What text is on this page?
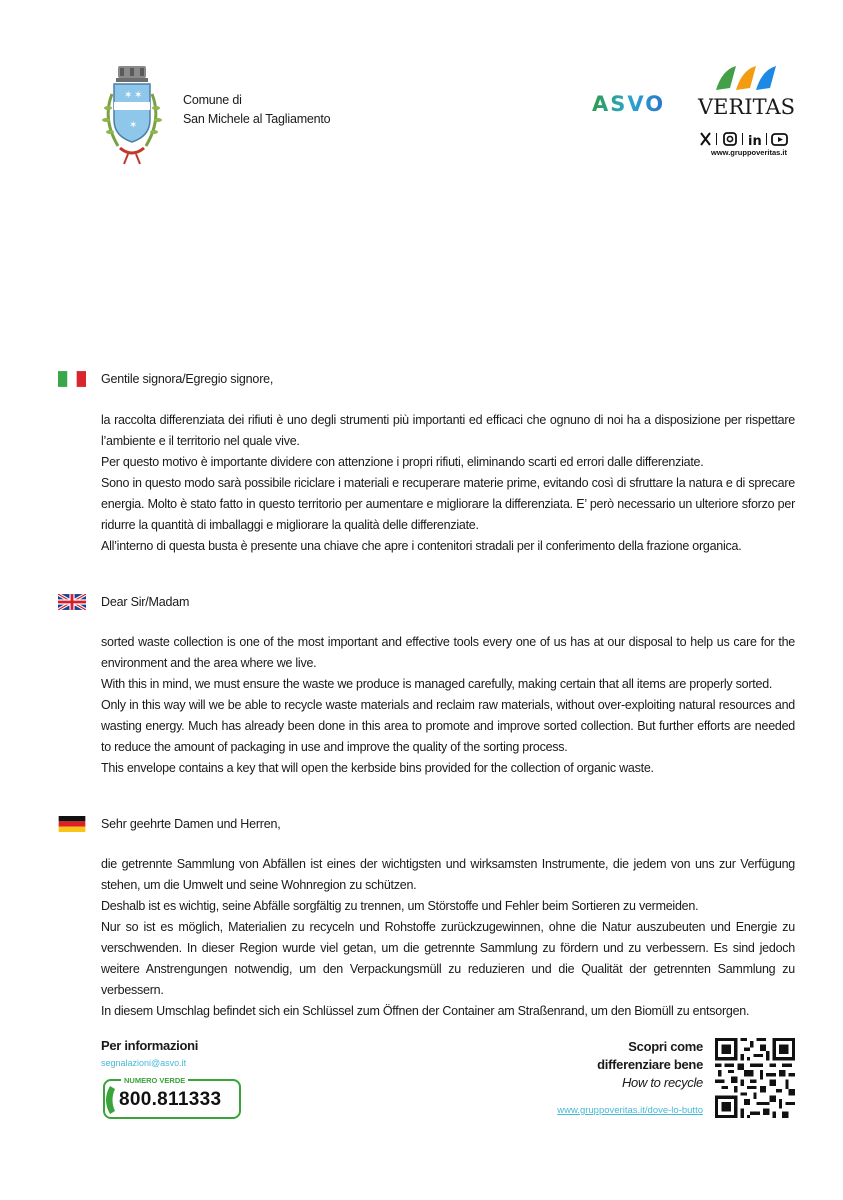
✶ ✶
✶
Comune di
San Michele al Tagliamento
ASVO VERITAS
in
www.gruppoveritas.it
Gentile signora/Egregio signore,

la raccolta differenziata dei rifiuti è uno degli strumenti più importanti ed efficaci che ognuno di noi ha a disposizione per rispettare l’ambiente e il territorio nel quale vive.

Per questo motivo è importante dividere con attenzione i propri rifiuti, eliminando scarti ed errori dalle differenziate.

Sono in questo modo sarà possibile riciclare i materiali e recuperare materie prime, evitando così di sfruttare la natura e di sprecare energia. Molto è stato fatto in questo territorio per aumentare e migliorare la differenziata. E’ però necessario un ulteriore sforzo per ridurre la quantità di imballaggi e migliorare la qualità delle differenziate.

All’interno di questa busta è presente una chiave che apre i contenitori stradali per il conferimento della frazione organica.

Dear Sir/Madam

sorted waste collection is one of the most important and effective tools every one of us has at our disposal to help us care for the environment and the area where we live.

With this in mind, we must ensure the waste we produce is managed carefully, making certain that all items are properly sorted.

Only in this way will we be able to recycle waste materials and reclaim raw materials, without over-exploiting natural resources and wasting energy. Much has already been done in this area to promote and improve sorted collection. But further efforts are needed to reduce the amount of packaging in use and improve the quality of the sorting process.

This envelope contains a key that will open the kerbside bins provided for the collection of organic waste.

Sehr geehrte Damen und Herren,

die getrennte Sammlung von Abfällen ist eines der wichtigsten und wirksamsten Instrumente, die jedem von uns zur Verfügung stehen, um die Umwelt und seine Wohnregion zu schützen.

Deshalb ist es wichtig, seine Abfälle sorgfältig zu trennen, um Störstoffe und Fehler beim Sortieren zu vermeiden.

Nur so ist es möglich, Materialien zu recyceln und Rohstoffe zurückzugewinnen, ohne die Natur auszubeuten und Energie zu verschwenden. In dieser Region wurde viel getan, um die getrennte Sammlung zu fördern und zu verbessern. Es sind jedoch weitere Anstrengungen notwendig, um den Verpackungsmüll zu reduzieren und die Qualität der getrennten Sammlung zu verbessern.

In diesem Umschlag befindet sich ein Schlüssel zum Öffnen der Container am Straßenrand, um den Biomüll zu entsorgen.

Per informazioni
segnalazioni@asvo.it
NUMERO VERDE
800.811333
Scopri come
differenziare bene
How to recycle
www.gruppoveritas.it/dove-lo-butto
